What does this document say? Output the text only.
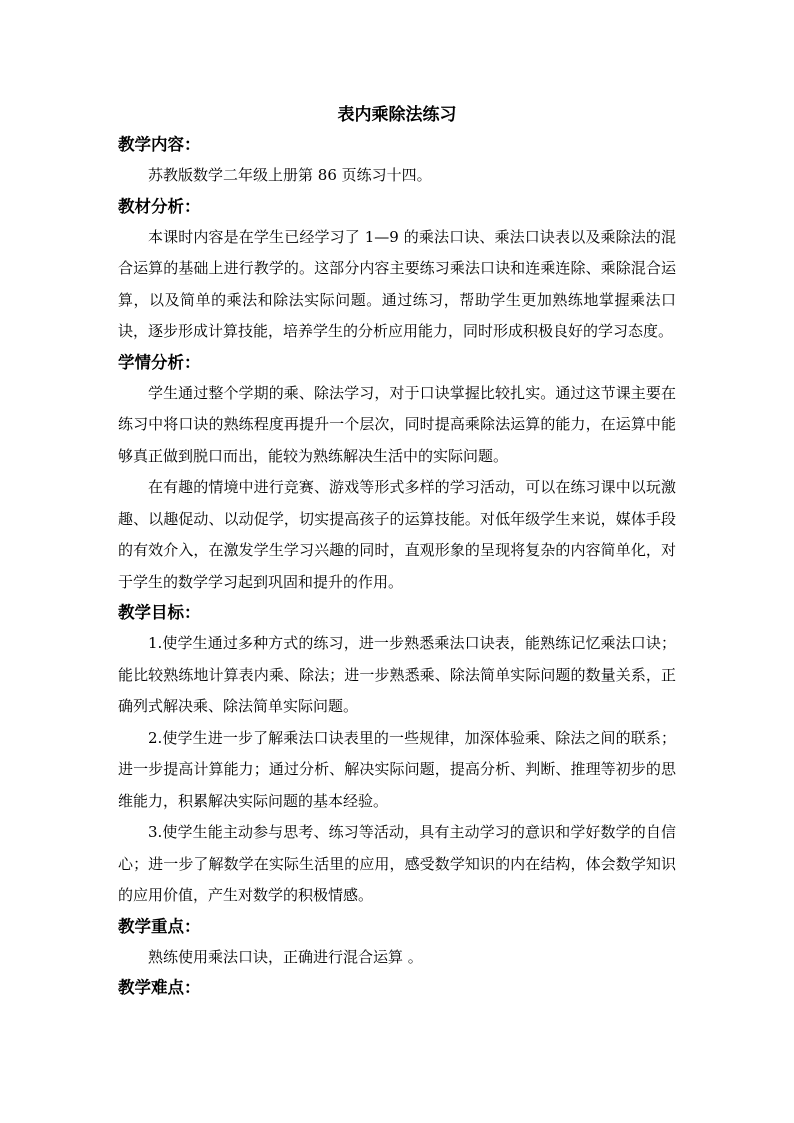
表内乘除法练习
教学内容：

苏教版数学二年级上册第 86 页练习十四。

教材分析：

本课时内容是在学生已经学习了 1—9 的乘法口诀、乘法口诀表以及乘除法的混合运算的基础上进行教学的。这部分内容主要练习乘法口诀和连乘连除、乘除混合运算，以及简单的乘法和除法实际问题。通过练习，帮助学生更加熟练地掌握乘法口诀，逐步形成计算技能，培养学生的分析应用能力，同时形成积极良好的学习态度。

学情分析：

学生通过整个学期的乘、除法学习，对于口诀掌握比较扎实。通过这节课主要在练习中将口诀的熟练程度再提升一个层次，同时提高乘除法运算的能力，在运算中能够真正做到脱口而出，能较为熟练解决生活中的实际问题。

在有趣的情境中进行竞赛、游戏等形式多样的学习活动，可以在练习课中以玩激趣、以趣促动、以动促学，切实提高孩子的运算技能。对低年级学生来说，媒体手段的有效介入，在激发学生学习兴趣的同时，直观形象的呈现将复杂的内容简单化，对于学生的数学学习起到巩固和提升的作用。

教学目标：

1.使学生通过多种方式的练习，进一步熟悉乘法口诀表，能熟练记忆乘法口诀；能比较熟练地计算表内乘、除法；进一步熟悉乘、除法简单实际问题的数量关系，正确列式解决乘、除法简单实际问题。

2.使学生进一步了解乘法口诀表里的一些规律，加深体验乘、除法之间的联系；进一步提高计算能力；通过分析、解决实际问题，提高分析、判断、推理等初步的思维能力，积累解决实际问题的基本经验。

3.使学生能主动参与思考、练习等活动，具有主动学习的意识和学好数学的自信心；进一步了解数学在实际生活里的应用，感受数学知识的内在结构，体会数学知识的应用价值，产生对数学的积极情感。

教学重点：

熟练使用乘法口诀，正确进行混合运算 。

教学难点：
